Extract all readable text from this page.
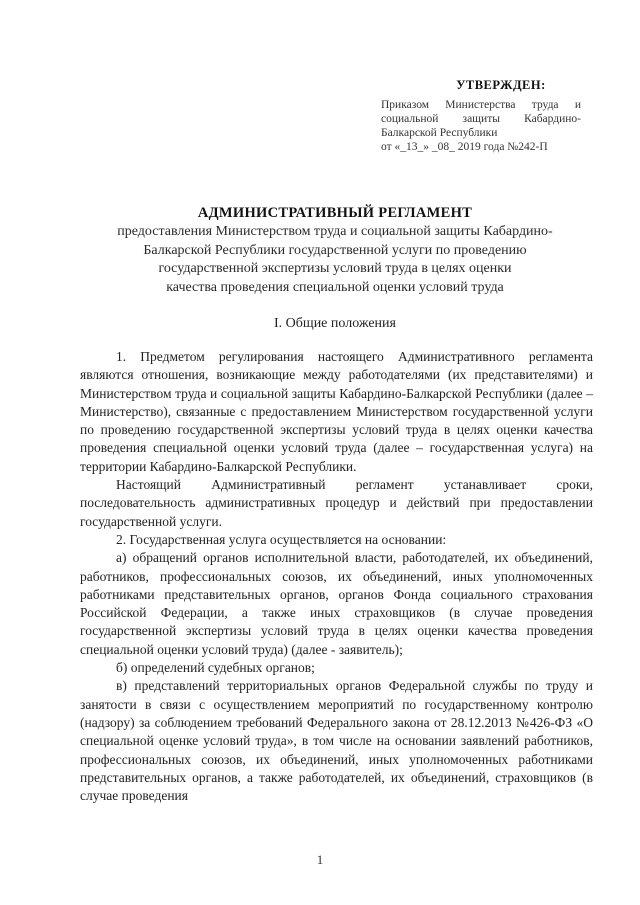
УТВЕРЖДЕН:
Приказом Министерства труда и
социальной защиты Кабардино-
Балкарской Республики
от «_13_» _08_ 2019 года №242-П
АДМИНИСТРАТИВНЫЙ РЕГЛАМЕНТ
предоставления Министерством труда и социальной защиты Кабардино-
Балкарской Республики государственной услуги по проведению
государственной экспертизы условий труда в целях оценки
качества проведения специальной оценки условий труда
I. Общие положения

1. Предметом регулирования настоящего Административного регламента являются отношения, возникающие между работодателями (их представителями) и Министерством труда и социальной защиты Кабардино-Балкарской Республики (далее – Министерство), связанные с предоставлением Министерством государственной услуги по проведению государственной экспертизы условий труда в целях оценки качества проведения специальной оценки условий труда (далее – государственная услуга) на территории Кабардино-Балкарской Республики.

Настоящий Административный регламент устанавливает сроки, последовательность административных процедур и действий при предоставлении государственной услуги.

2. Государственная услуга осуществляется на основании:

а) обращений органов исполнительной власти, работодателей, их объединений, работников, профессиональных союзов, их объединений, иных уполномоченных работниками представительных органов, органов Фонда социального страхования Российской Федерации, а также иных страховщиков (в случае проведения государственной экспертизы условий труда в целях оценки качества проведения специальной оценки условий труда) (далее - заявитель);

б) определений судебных органов;

в) представлений территориальных органов Федеральной службы по труду и занятости в связи с осуществлением мероприятий по государственному контролю (надзору) за соблюдением требований Федерального закона от 28.12.2013 №426-ФЗ «О специальной оценке условий труда», в том числе на основании заявлений работников, профессиональных союзов, их объединений, иных уполномоченных работниками представительных органов, а также работодателей, их объединений, страховщиков (в случае проведения

1
